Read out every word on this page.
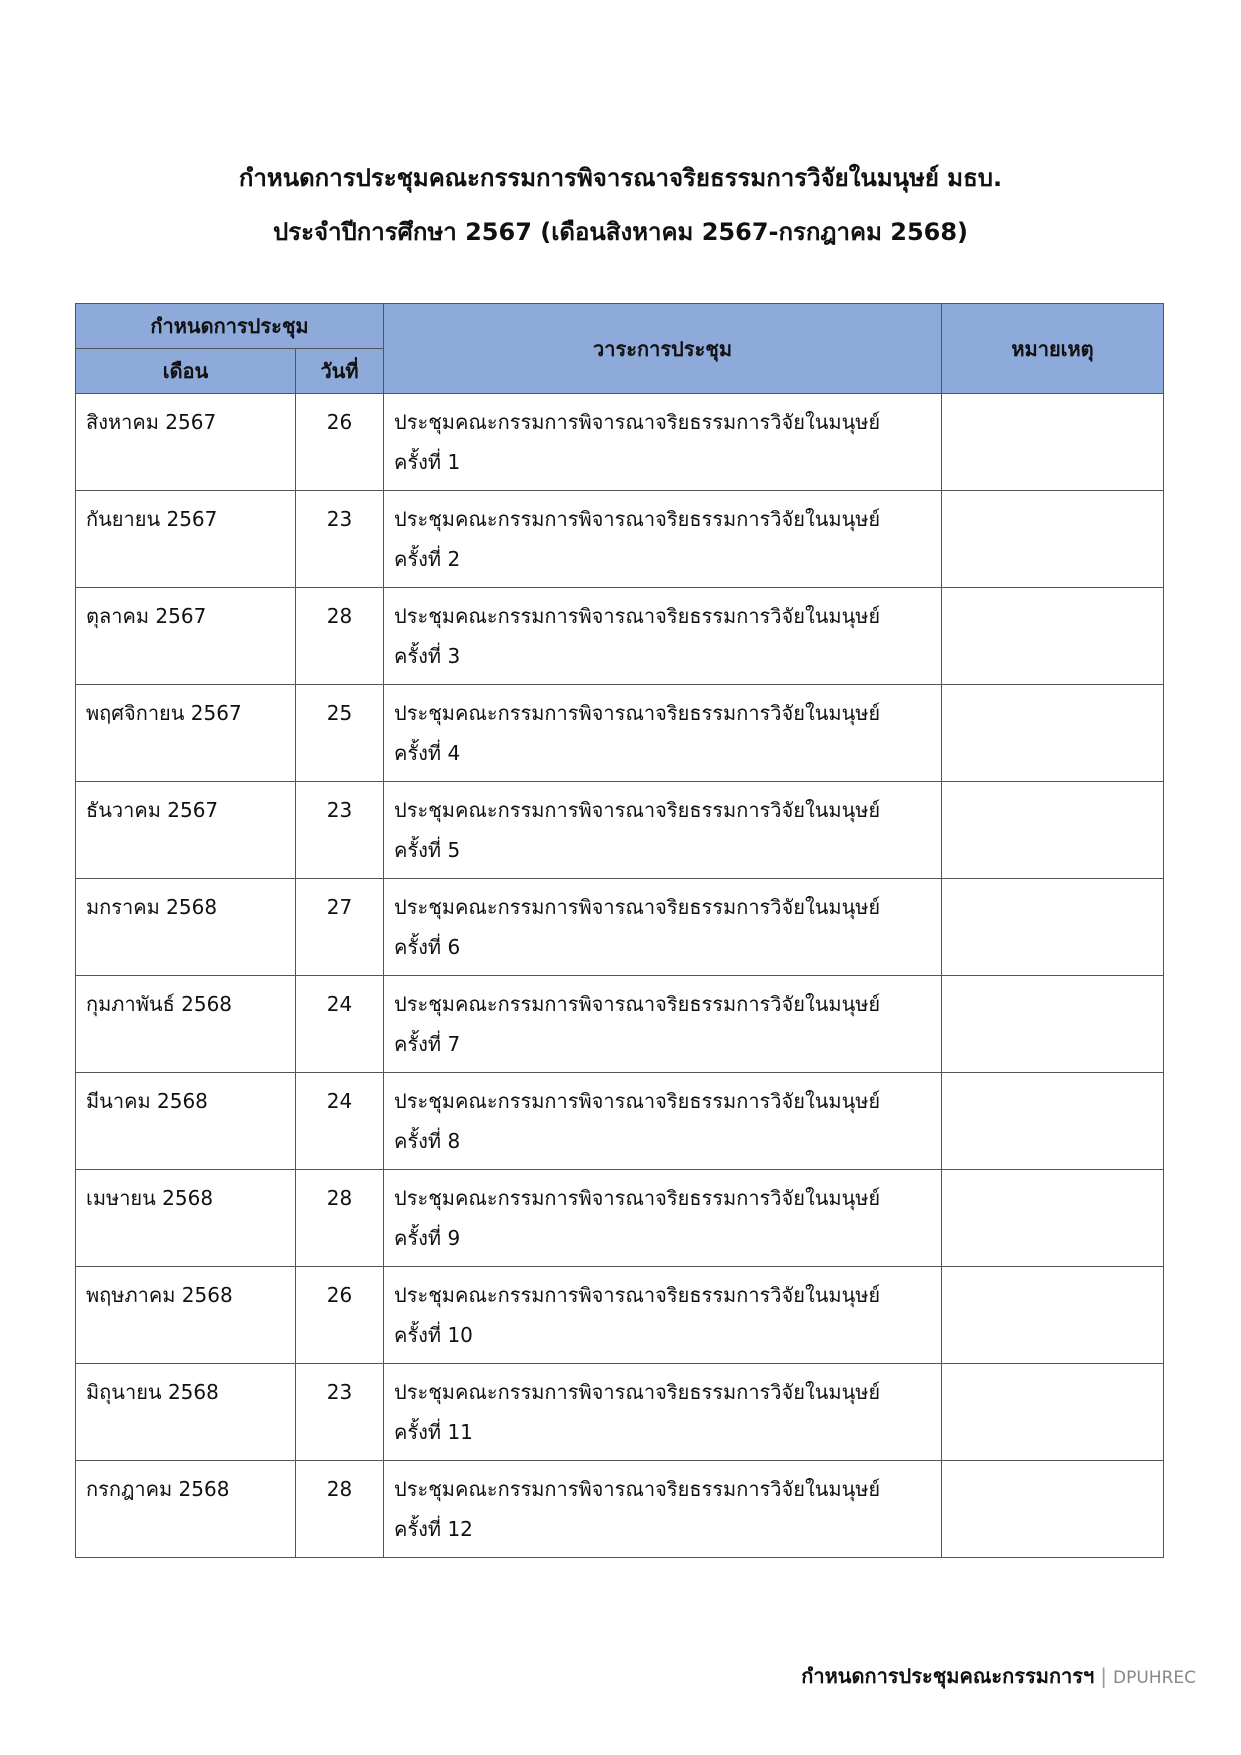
กำหนดการประชุมคณะกรรมการพิจารณาจริยธรรมการวิจัยในมนุษย์ มธบ.
ประจำปีการศึกษา 2567 (เดือนสิงหาคม 2567-กรกฎาคม 2568)
กำหนดการประชุม		วาระการประชุม	หมายเหตุ
เดือน	วันที่		
สิงหาคม 2567	26	ประชุมคณะกรรมการพิจารณาจริยธรรมการวิจัยในมนุษย์
ครั้งที่ 1	

กันยายน 2567	23	ประชุมคณะกรรมการพิจารณาจริยธรรมการวิจัยในมนุษย์
ครั้งที่ 2	

ตุลาคม 2567	28	ประชุมคณะกรรมการพิจารณาจริยธรรมการวิจัยในมนุษย์
ครั้งที่ 3	

พฤศจิกายน 2567	25	ประชุมคณะกรรมการพิจารณาจริยธรรมการวิจัยในมนุษย์
ครั้งที่ 4	

ธันวาคม 2567	23	ประชุมคณะกรรมการพิจารณาจริยธรรมการวิจัยในมนุษย์
ครั้งที่ 5	

มกราคม 2568	27	ประชุมคณะกรรมการพิจารณาจริยธรรมการวิจัยในมนุษย์
ครั้งที่ 6	

กุมภาพันธ์ 2568	24	ประชุมคณะกรรมการพิจารณาจริยธรรมการวิจัยในมนุษย์
ครั้งที่ 7	

มีนาคม 2568	24	ประชุมคณะกรรมการพิจารณาจริยธรรมการวิจัยในมนุษย์
ครั้งที่ 8	

เมษายน 2568	28	ประชุมคณะกรรมการพิจารณาจริยธรรมการวิจัยในมนุษย์
ครั้งที่ 9	

พฤษภาคม 2568	26	ประชุมคณะกรรมการพิจารณาจริยธรรมการวิจัยในมนุษย์
ครั้งที่ 10	

มิถุนายน 2568	23	ประชุมคณะกรรมการพิจารณาจริยธรรมการวิจัยในมนุษย์
ครั้งที่ 11	

กรกฎาคม 2568	28	ประชุมคณะกรรมการพิจารณาจริยธรรมการวิจัยในมนุษย์
ครั้งที่ 12	

กำหนดการประชุมคณะกรรมการฯ | DPUHREC
